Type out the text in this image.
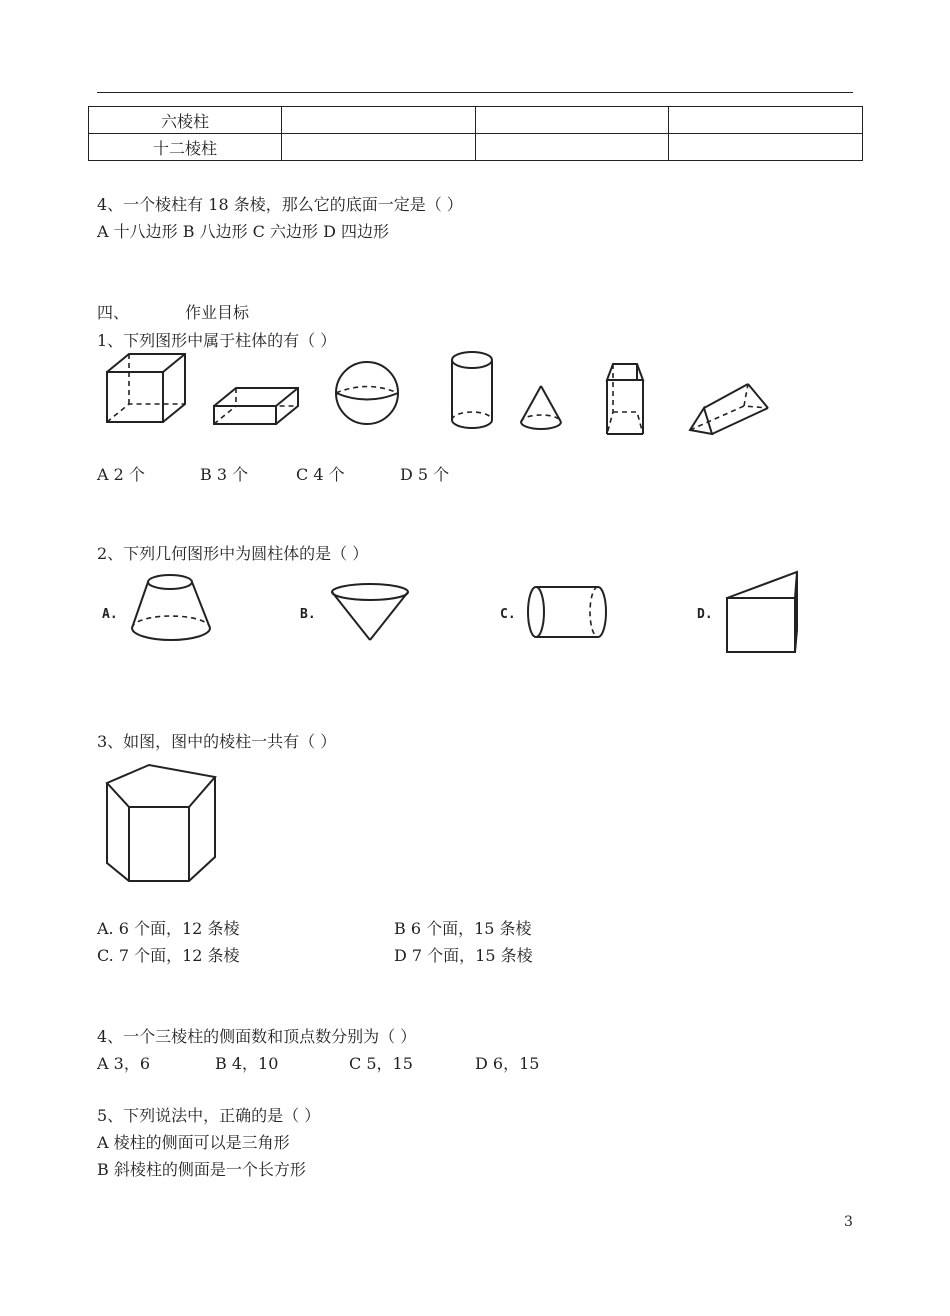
六棱柱			
十二棱柱			
4、一个棱柱有 18 条棱，那么它的底面一定是（ ）
A 十八边形 B 八边形 C 六边形 D 四边形
四、	作业目标
1、下列图形中属于柱体的有（ ）
A 2 个	B 3 个	C 4 个	D 5 个
2、下列几何图形中为圆柱体的是（ ）
A.	B.	C.	D.
3、如图，图中的棱柱一共有（ ）
A. 6 个面，12 条棱	B 6 个面，15 条棱
C. 7 个面，12 条棱	D 7 个面，15 条棱
4、一个三棱柱的侧面数和顶点数分别为（ ）
A 3，6	B 4，10	C 5，15	D 6，15
5、下列说法中，正确的是（ ）
A 棱柱的侧面可以是三角形
B 斜棱柱的侧面是一个长方形
3
